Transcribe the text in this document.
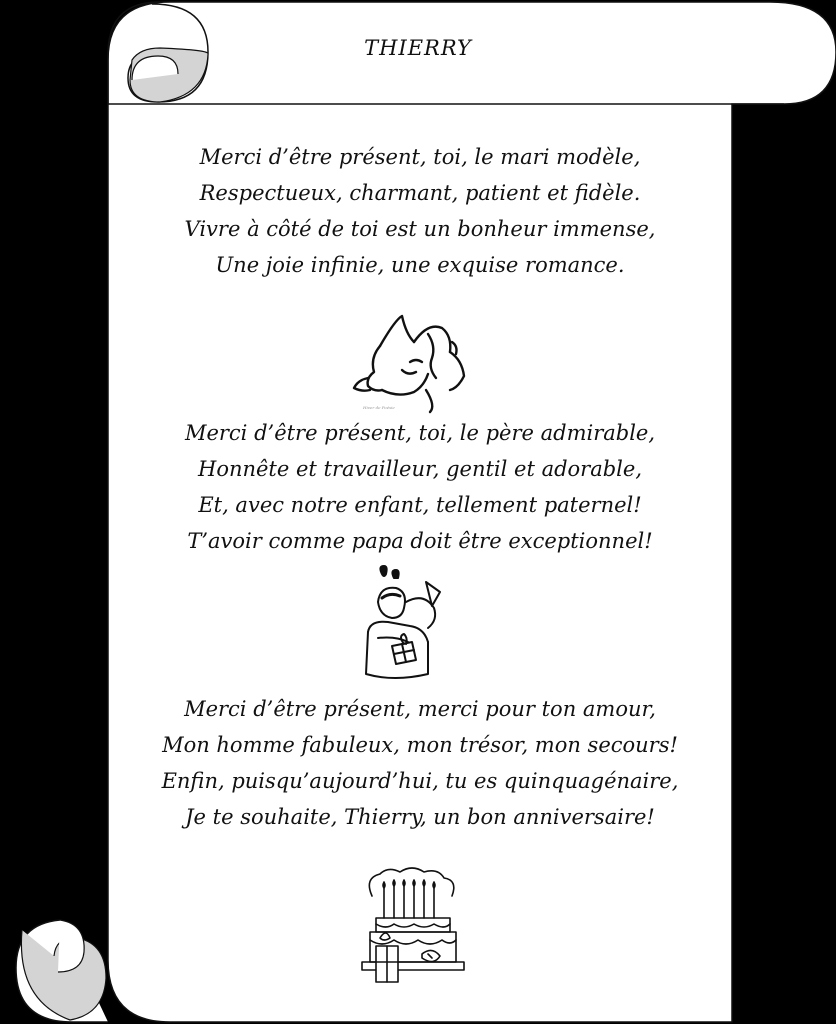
THIERRY
Merci d’être présent, toi, le mari modèle,
Respectueux, charmant, patient et fidèle.
Vivre à côté de toi est un bonheur immense,
Une joie infinie, une exquise romance.
Hiver de Poésie
Merci d’être présent, toi, le père admirable,
Honnête et travailleur, gentil et adorable,
Et, avec notre enfant, tellement paternel!
T’avoir comme papa doit être exceptionnel!
Merci d’être présent, merci pour ton amour,
Mon homme fabuleux, mon trésor, mon secours!
Enfin, puisqu’aujourd’hui, tu es quinquagénaire,
Je te souhaite, Thierry, un bon anniversaire!
